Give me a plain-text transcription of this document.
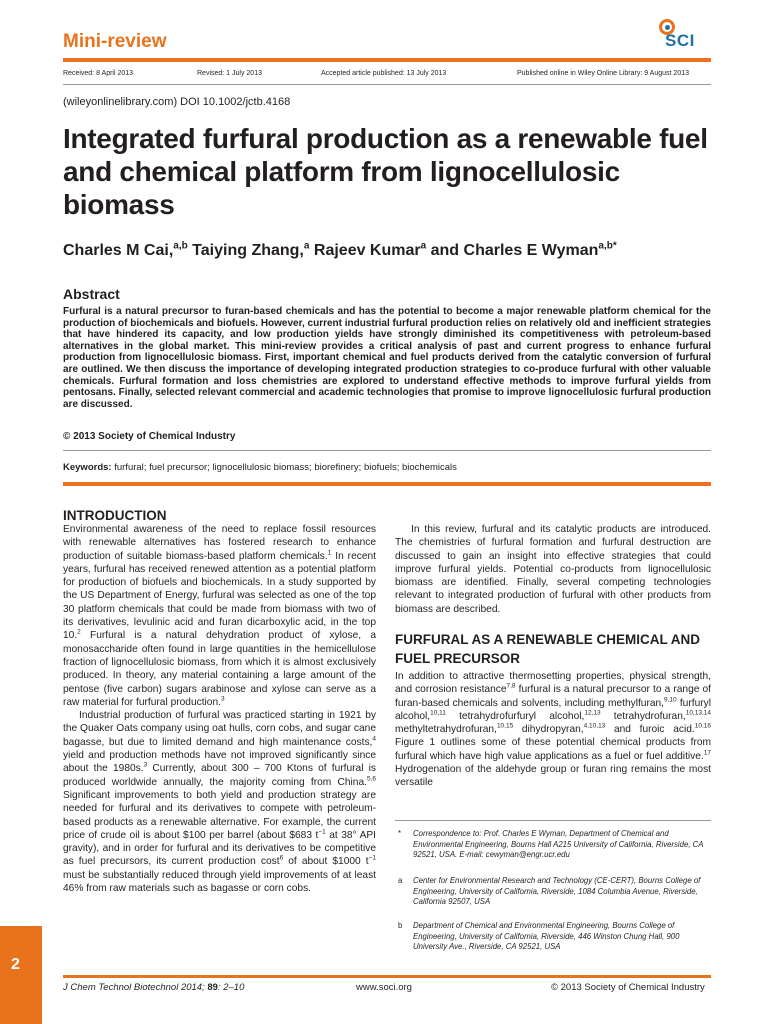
Mini-review	SCI
Received: 8 April 2013	Revised: 1 July 2013	Accepted article published: 13 July 2013	Published online in Wiley Online Library: 9 August 2013
(wileyonlinelibrary.com) DOI 10.1002/jctb.4168
Integrated furfural production as a renewable fuel and chemical platform from lignocellulosic biomass
Charles M Cai,$^{a,b}$ Taiying Zhang,$^a$ Rajeev Kumar$^a$ and Charles E Wyman$^{a,b*}$
Abstract
Furfural is a natural precursor to furan-based chemicals and has the potential to become a major renewable platform chemical for the production of biochemicals and biofuels. However, current industrial furfural production relies on relatively old and inefficient strategies that have hindered its capacity, and low production yields have strongly diminished its competitiveness with petroleum-based alternatives in the global market. This mini-review provides a critical analysis of past and current progress to enhance furfural production from lignocellulosic biomass. First, important chemical and fuel products derived from the catalytic conversion of furfural are outlined. We then discuss the importance of developing integrated production strategies to co-produce furfural with other valuable chemicals. Furfural formation and loss chemistries are explored to understand effective methods to improve furfural yields from pentosans. Finally, selected relevant commercial and academic technologies that promise to improve lignocellulosic furfural production are discussed.
© 2013 Society of Chemical Industry
Keywords: furfural; fuel precursor; lignocellulosic biomass; biorefinery; biofuels; biochemicals
INTRODUCTION

Environmental awareness of the need to replace fossil resources with renewable alternatives has fostered research to enhance production of suitable biomass-based platform chemicals.$^1$ In recent years, furfural has received renewed attention as a potential platform for production of biofuels and biochemicals. In a study supported by the US Department of Energy, furfural was selected as one of the top 30 platform chemicals that could be made from biomass with two of its derivatives, levulinic acid and furan dicarboxylic acid, in the top 10.$^2$ Furfural is a natural dehydration product of xylose, a monosaccharide often found in large quantities in the hemicellulose fraction of lignocellulosic biomass, from which it is almost exclusively produced. In theory, any material containing a large amount of the pentose (five carbon) sugars arabinose and xylose can serve as a raw material for furfural production.$^3$

Industrial production of furfural was practiced starting in 1921 by the Quaker Oats company using oat hulls, corn cobs, and sugar cane bagasse, but due to limited demand and high maintenance costs,$^4$ yield and production methods have not improved significantly since about the 1980s.$^3$ Currently, about 300 – 700 Ktons of furfural is produced worldwide annually, the majority coming from China.$^{5,6}$ Significant improvements to both yield and production strategy are needed for furfural and its derivatives to compete with petroleum-based products as a renewable alternative. For example, the current price of crude oil is about $100 per barrel (about $683 $t^{-1}$ at 38° API gravity), and in order for furfural and its derivatives to be competitive as fuel precursors, its current production cost$^6$ of about $1000 $t^{-1}$ must be substantially reduced through yield improvements of at least 46% from raw materials such as bagasse or corn cobs.

In this review, furfural and its catalytic products are introduced. The chemistries of furfural formation and furfural destruction are discussed to gain an insight into effective strategies that could improve furfural yields. Potential co-products from lignocellulosic biomass are identified. Finally, several competing technologies relevant to integrated production of furfural with other products from biomass are described.

FURFURAL AS A RENEWABLE CHEMICAL AND FUEL PRECURSOR

In addition to attractive thermosetting properties, physical strength, and corrosion resistance$^{7,8}$ furfural is a natural precursor to a range of furan-based chemicals and solvents, including methylfuran,$^{9,10}$ furfuryl alcohol,$^{10,11}$ tetrahydrofurfuryl alcohol,$^{12,13}$ tetrahydrofuran,$^{10,13,14}$ methyltetrahydrofuran,$^{10,15}$ dihydropyran,$^{4,10,13}$ and furoic acid.$^{10,16}$ Figure 1 outlines some of these potential chemical products from furfural which have high value applications as a fuel or fuel additive.$^{17}$ Hydrogenation of the aldehyde group or furan ring remains the most versatile

* Correspondence to: Prof. Charles E Wyman, Department of Chemical and Environmental Engineering, Bourns Hall A215 University of California, Riverside, CA 92521, USA. E-mail: cewyman@engr.ucr.edu
a Center for Environmental Research and Technology (CE-CERT), Bourns College of Engineering, University of California, Riverside, 1084 Columbia Avenue, Riverside, California 92507, USA
b Department of Chemical and Environmental Engineering, Bourns College of Engineering, University of California, Riverside, 446 Winston Chung Hall, 900 University Ave., Riverside, CA 92521, USA
2
J Chem Technol Biotechnol 2014; 89: 2–10	www.soci.org	© 2013 Society of Chemical Industry
